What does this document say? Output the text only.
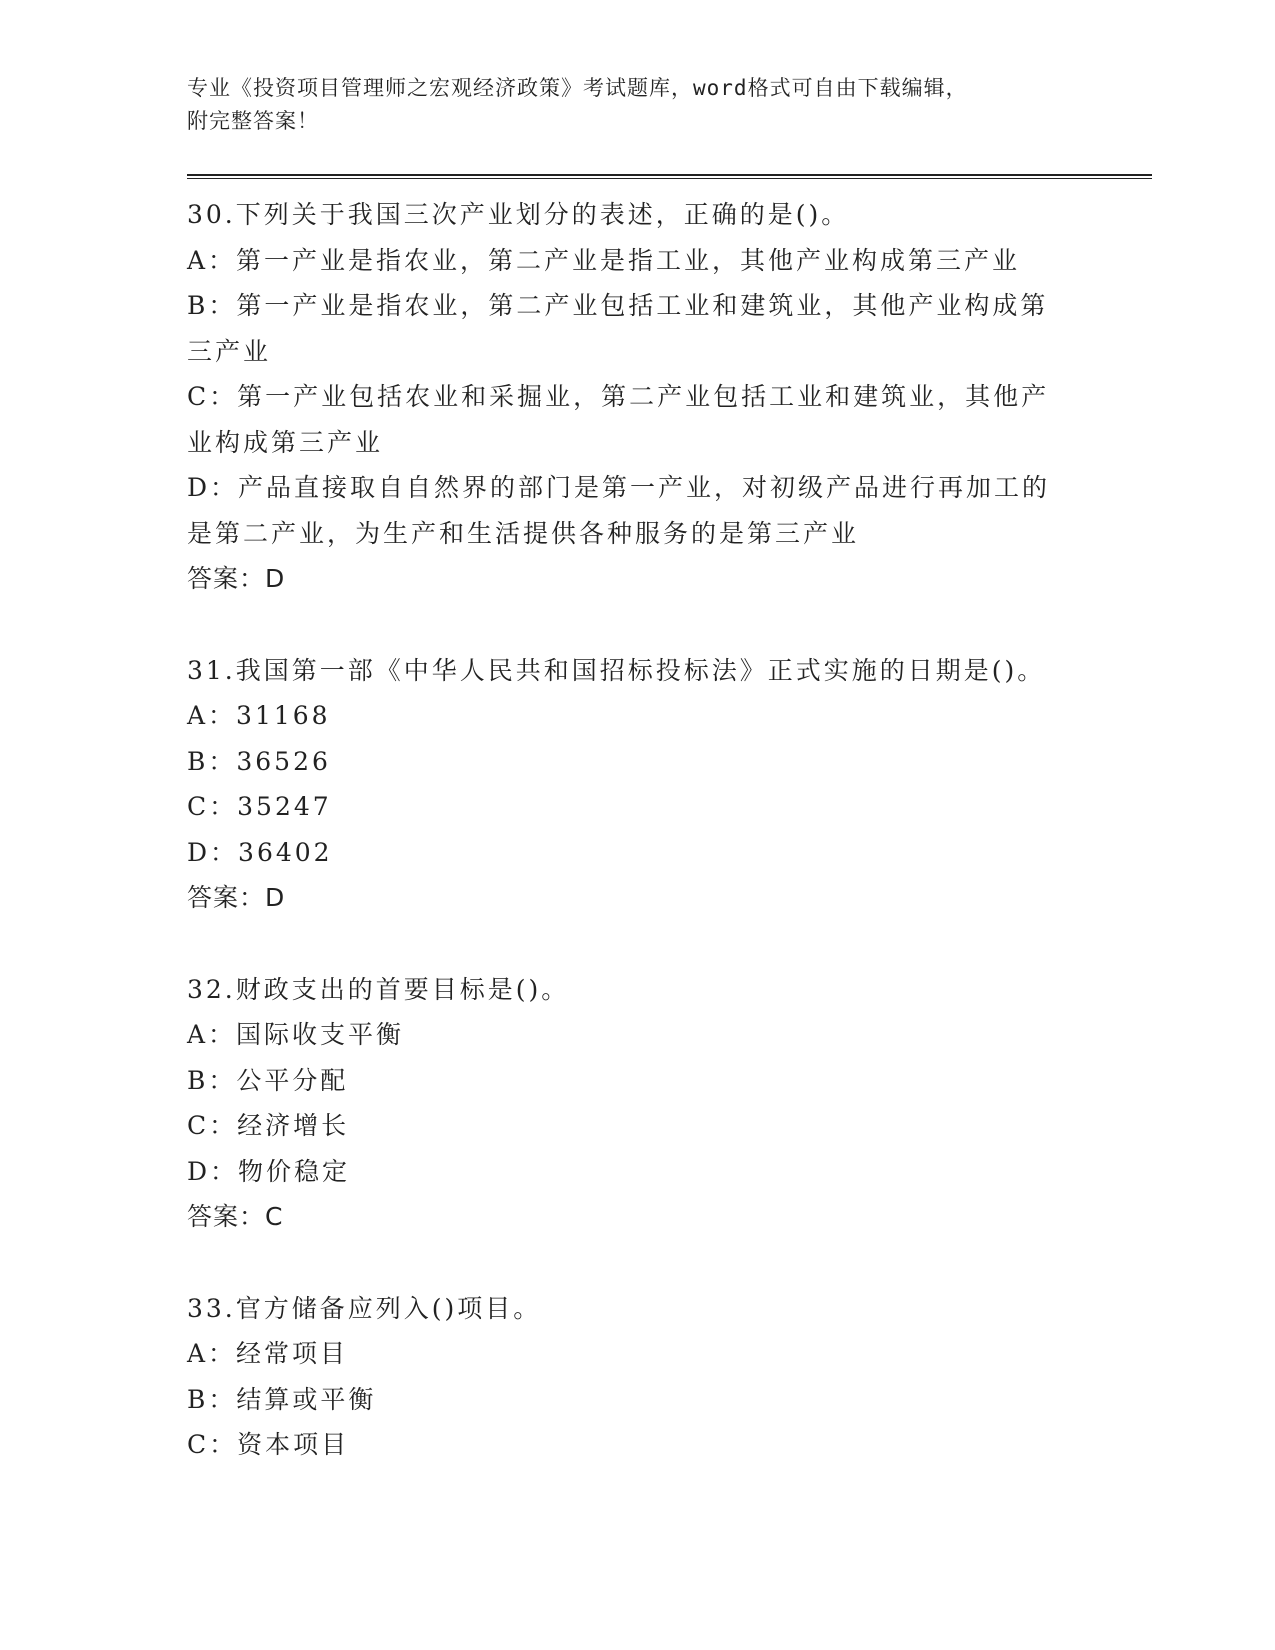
专业《投资项目管理师之宏观经济政策》考试题库，word格式可自由下载编辑，
附完整答案！

30.下列关于我国三次产业划分的表述，正确的是()。

A：第一产业是指农业，第二产业是指工业，其他产业构成第三产业

B：第一产业是指农业，第二产业包括工业和建筑业，其他产业构成第三产业

C：第一产业包括农业和采掘业，第二产业包括工业和建筑业，其他产业构成第三产业

D：产品直接取自自然界的部门是第一产业，对初级产品进行再加工的是第二产业，为生产和生活提供各种服务的是第三产业

答案：D

31.我国第一部《中华人民共和国招标投标法》正式实施的日期是()。

A：31168

B：36526

C：35247

D：36402

答案：D

32.财政支出的首要目标是()。

A：国际收支平衡

B：公平分配

C：经济增长

D：物价稳定

答案：C

33.官方储备应列入()项目。

A：经常项目

B：结算或平衡

C：资本项目
